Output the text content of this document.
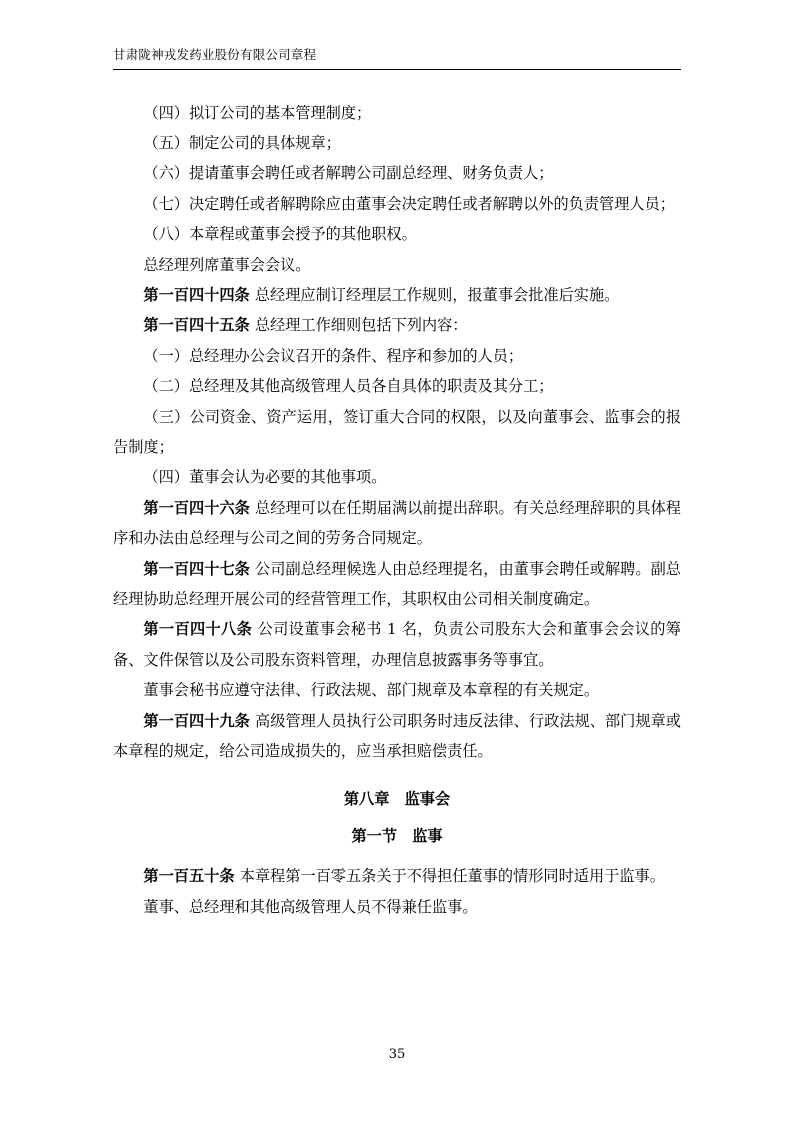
甘肃陇神戎发药业股份有限公司章程

（四）拟订公司的基本管理制度；

（五）制定公司的具体规章；

（六）提请董事会聘任或者解聘公司副总经理、财务负责人；

（七）决定聘任或者解聘除应由董事会决定聘任或者解聘以外的负责管理人员；

（八）本章程或董事会授予的其他职权。

总经理列席董事会会议。

第一百四十四条 总经理应制订经理层工作规则，报董事会批准后实施。

第一百四十五条 总经理工作细则包括下列内容：

（一）总经理办公会议召开的条件、程序和参加的人员；

（二）总经理及其他高级管理人员各自具体的职责及其分工；

（三）公司资金、资产运用，签订重大合同的权限，以及向董事会、监事会的报告制度；

（四）董事会认为必要的其他事项。

第一百四十六条 总经理可以在任期届满以前提出辞职。有关总经理辞职的具体程序和办法由总经理与公司之间的劳务合同规定。

第一百四十七条 公司副总经理候选人由总经理提名，由董事会聘任或解聘。副总经理协助总经理开展公司的经营管理工作，其职权由公司相关制度确定。

第一百四十八条 公司设董事会秘书 1 名，负责公司股东大会和董事会会议的筹备、文件保管以及公司股东资料管理，办理信息披露事务等事宜。

董事会秘书应遵守法律、行政法规、部门规章及本章程的有关规定。

第一百四十九条 高级管理人员执行公司职务时违反法律、行政法规、部门规章或本章程的规定，给公司造成损失的，应当承担赔偿责任。

第八章　监事会

第一节　监事

第一百五十条 本章程第一百零五条关于不得担任董事的情形同时适用于监事。

董事、总经理和其他高级管理人员不得兼任监事。

35
